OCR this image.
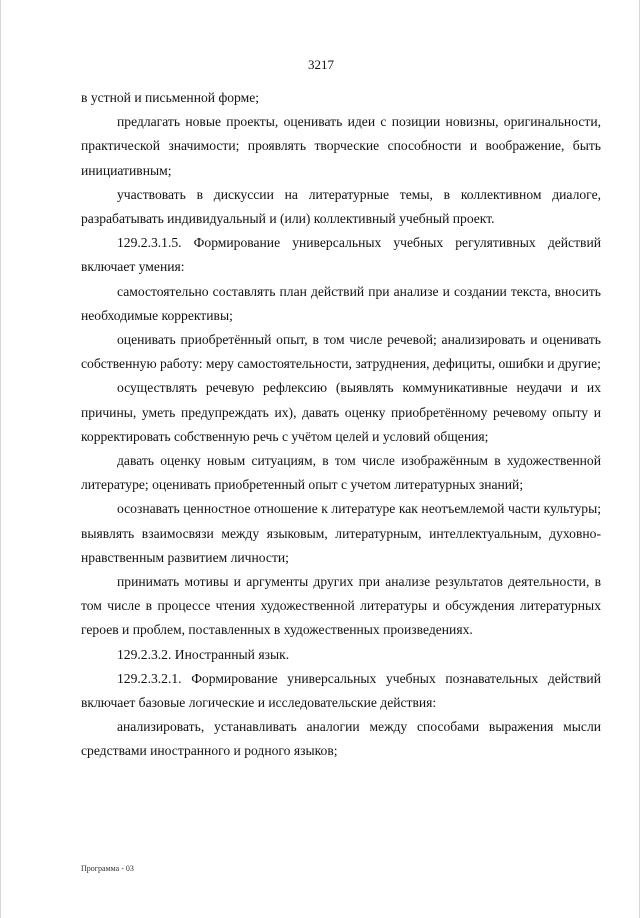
3217

в устной и письменной форме;

предлагать новые проекты, оценивать идеи с позиции новизны, оригинальности, практической значимости; проявлять творческие способности и воображение, быть инициативным;

участвовать в дискуссии на литературные темы, в коллективном диалоге, разрабатывать индивидуальный и (или) коллективный учебный проект.

129.2.3.1.5. Формирование универсальных учебных регулятивных действий включает умения:

самостоятельно составлять план действий при анализе и создании текста, вносить необходимые коррективы;

оценивать приобретённый опыт, в том числе речевой; анализировать и оценивать собственную работу: меру самостоятельности, затруднения, дефициты, ошибки и другие;

осуществлять речевую рефлексию (выявлять коммуникативные неудачи и их причины, уметь предупреждать их), давать оценку приобретённому речевому опыту и корректировать собственную речь с учётом целей и условий общения;

давать оценку новым ситуациям, в том числе изображённым в художественной литературе; оценивать приобретенный опыт с учетом литературных знаний;

осознавать ценностное отношение к литературе как неотъемлемой части культуры; выявлять взаимосвязи между языковым, литературным, интеллектуальным, духовно-нравственным развитием личности;

принимать мотивы и аргументы других при анализе результатов деятельности, в том числе в процессе чтения художественной литературы и обсуждения литературных героев и проблем, поставленных в художественных произведениях.

129.2.3.2. Иностранный язык.

129.2.3.2.1. Формирование универсальных учебных познавательных действий включает базовые логические и исследовательские действия:

анализировать, устанавливать аналогии между способами выражения мысли средствами иностранного и родного языков;

Программа - 03
